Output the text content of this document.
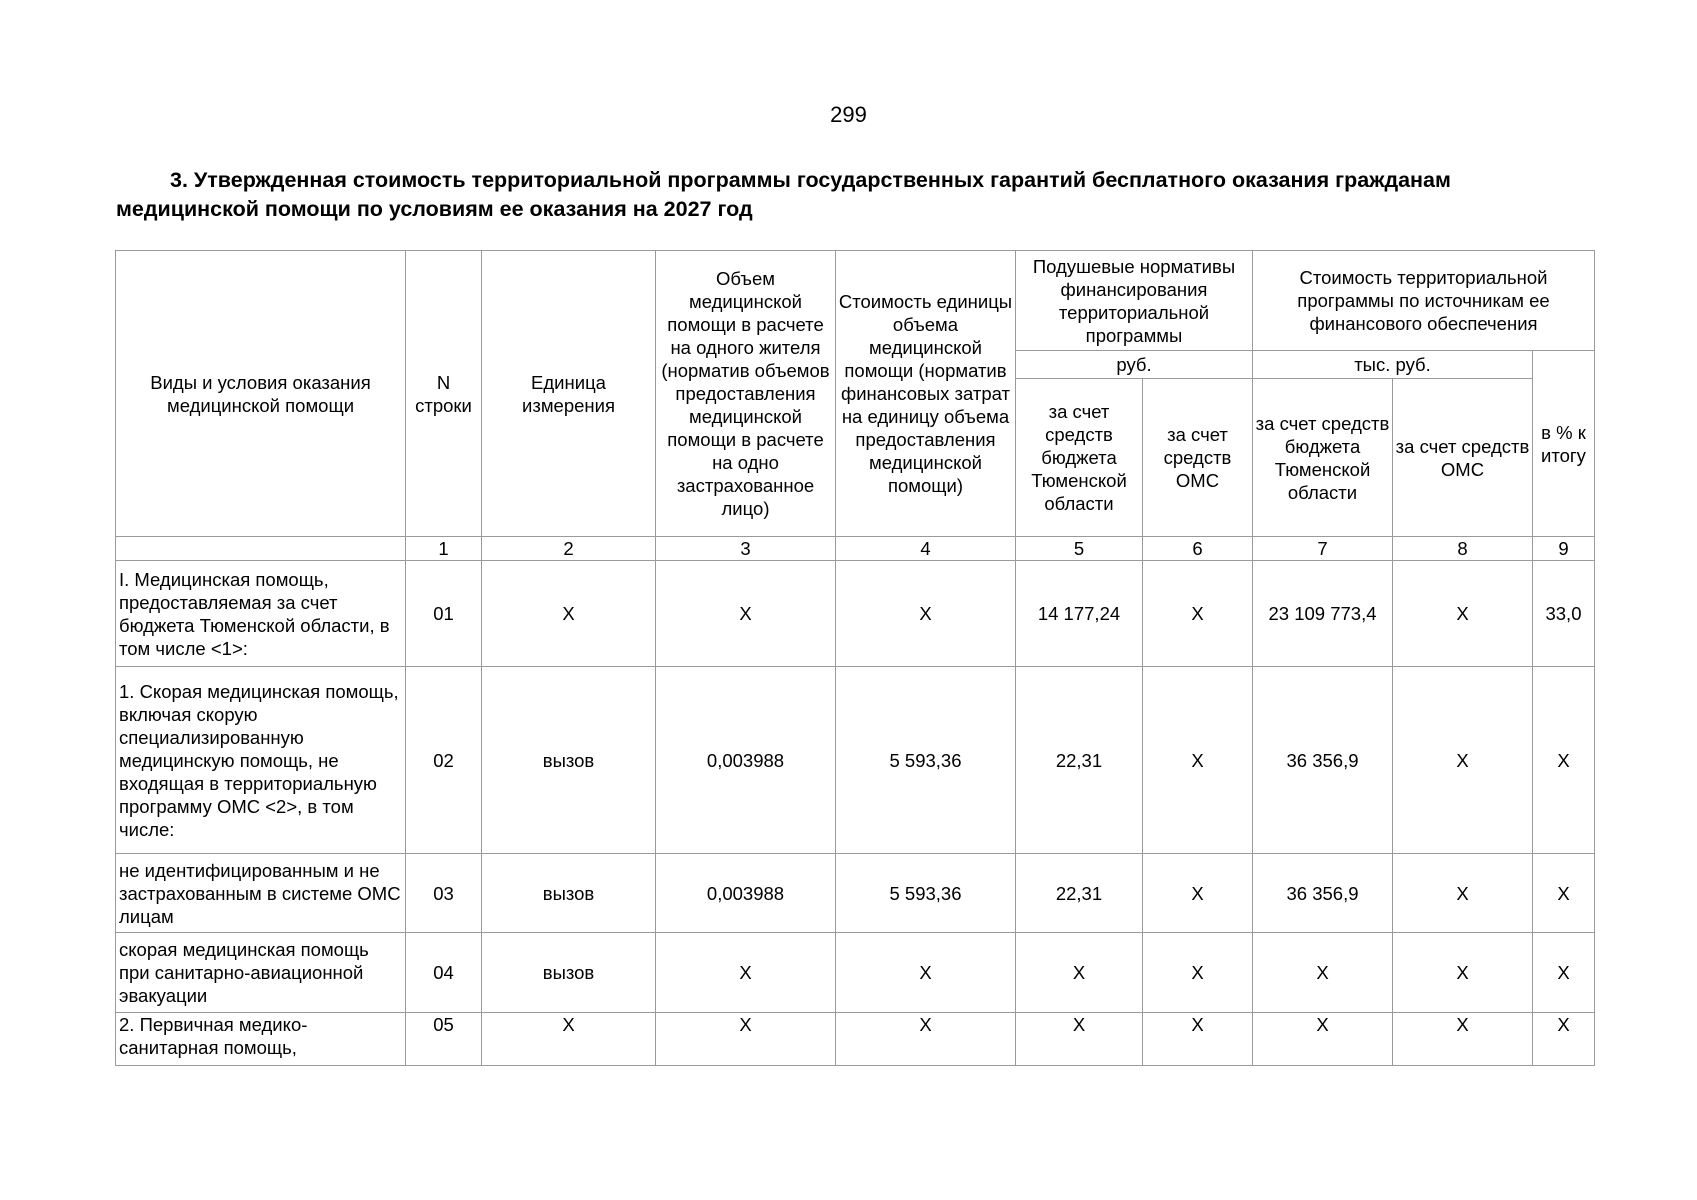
299
3. Утвержденная стоимость территориальной программы государственных гарантий бесплатного оказания гражданам медицинской помощи по условиям ее оказания на 2027 год
Виды и условия оказания медицинской помощи	N строки	Единица измерения	Объем медицинской помощи в расчете на одного жителя (норматив объемов предоставления медицинской помощи в расчете на одно застрахованное лицо)	Стоимость единицы объема медицинской помощи (норматив финансовых затрат на единицу объема предоставления медицинской помощи)	Подушевые нормативы финансирования территориальной программы		Стоимость территориальной программы по источникам ее финансового обеспечения		
					руб.		тыс. руб.		в % к итогу
					за счет средств бюджета Тюменской области	за счет средств ОМС	за счет средств бюджета Тюменской области	за счет средств ОМС	
	1	2	3	4	5	6	7	8	9
I. Медицинская помощь, предоставляемая за счет бюджета Тюменской области, в том числе <1>:	01	X	X	X	14 177,24	X	23 109 773,4	X	33,0
1. Скорая медицинская помощь, включая скорую специализированную медицинскую помощь, не входящая в территориальную программу ОМС <2>, в том числе:	02	вызов	0,003988	5 593,36	22,31	X	36 356,9	X	X
не идентифицированным и не застрахованным в системе ОМС лицам	03	вызов	0,003988	5 593,36	22,31	X	36 356,9	X	X
скорая медицинская помощь при санитарно-авиационной эвакуации	04	вызов	X	X	X	X	X	X	X
2. Первичная медико-санитарная помощь,	05	X	X	X	X	X	X	X	X
